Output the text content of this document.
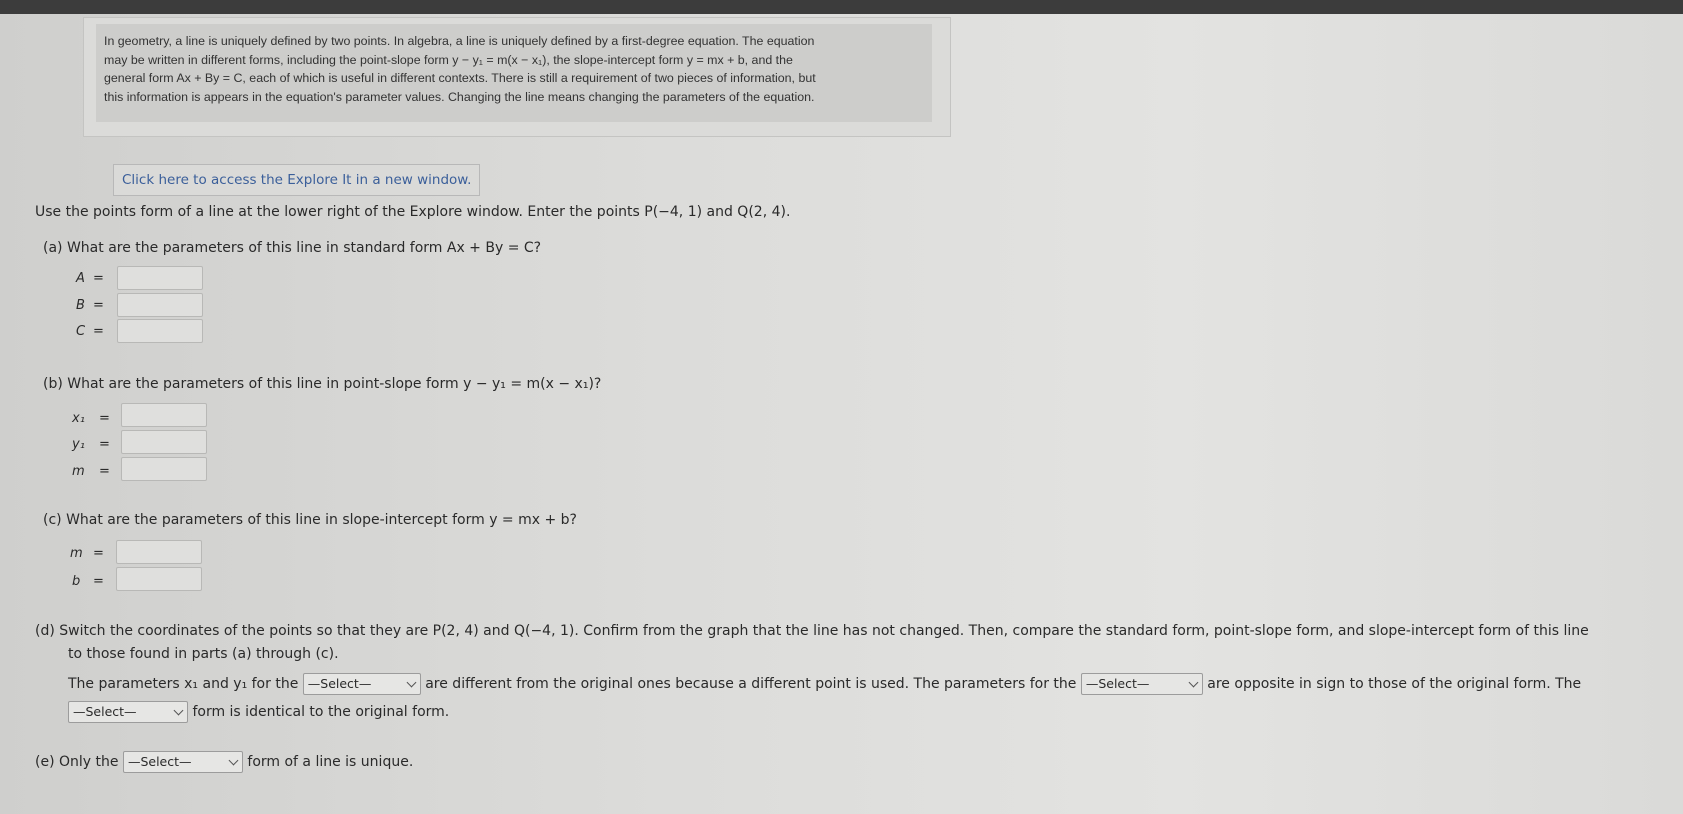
In geometry, a line is uniquely defined by two points. In algebra, a line is uniquely defined by a first-degree equation. The equation
may be written in different forms, including the point-slope form y − y₁ = m(x − x₁), the slope-intercept form y = mx + b, and the
general form Ax + By = C, each of which is useful in different contexts. There is still a requirement of two pieces of information, but
this information is appears in the equation's parameter values. Changing the line means changing the parameters of the equation.
Click here to access the Explore It in a new window.
Use the points form of a line at the lower right of the Explore window. Enter the points P(−4, 1) and Q(2, 4).
(a) What are the parameters of this line in standard form Ax + By = C?
A =
B =
C =
(b) What are the parameters of this line in point-slope form y − y₁ = m(x − x₁)?
x₁ =
y₁ =
m =
(c) What are the parameters of this line in slope-intercept form y = mx + b?
m =
b =
(d) Switch the coordinates of the points so that they are P(2, 4) and Q(−4, 1). Confirm from the graph that the line has not changed. Then, compare the standard form, point-slope form, and slope-intercept form of this line
to those found in parts (a) through (c).
The parameters x₁ and y₁ for the —Select—	are different from the original ones because a different point is used. The parameters for the —Select—	are opposite in sign to those of the original form. The
—Select—	form is identical to the original form.
(e) Only the —Select—	form of a line is unique.
